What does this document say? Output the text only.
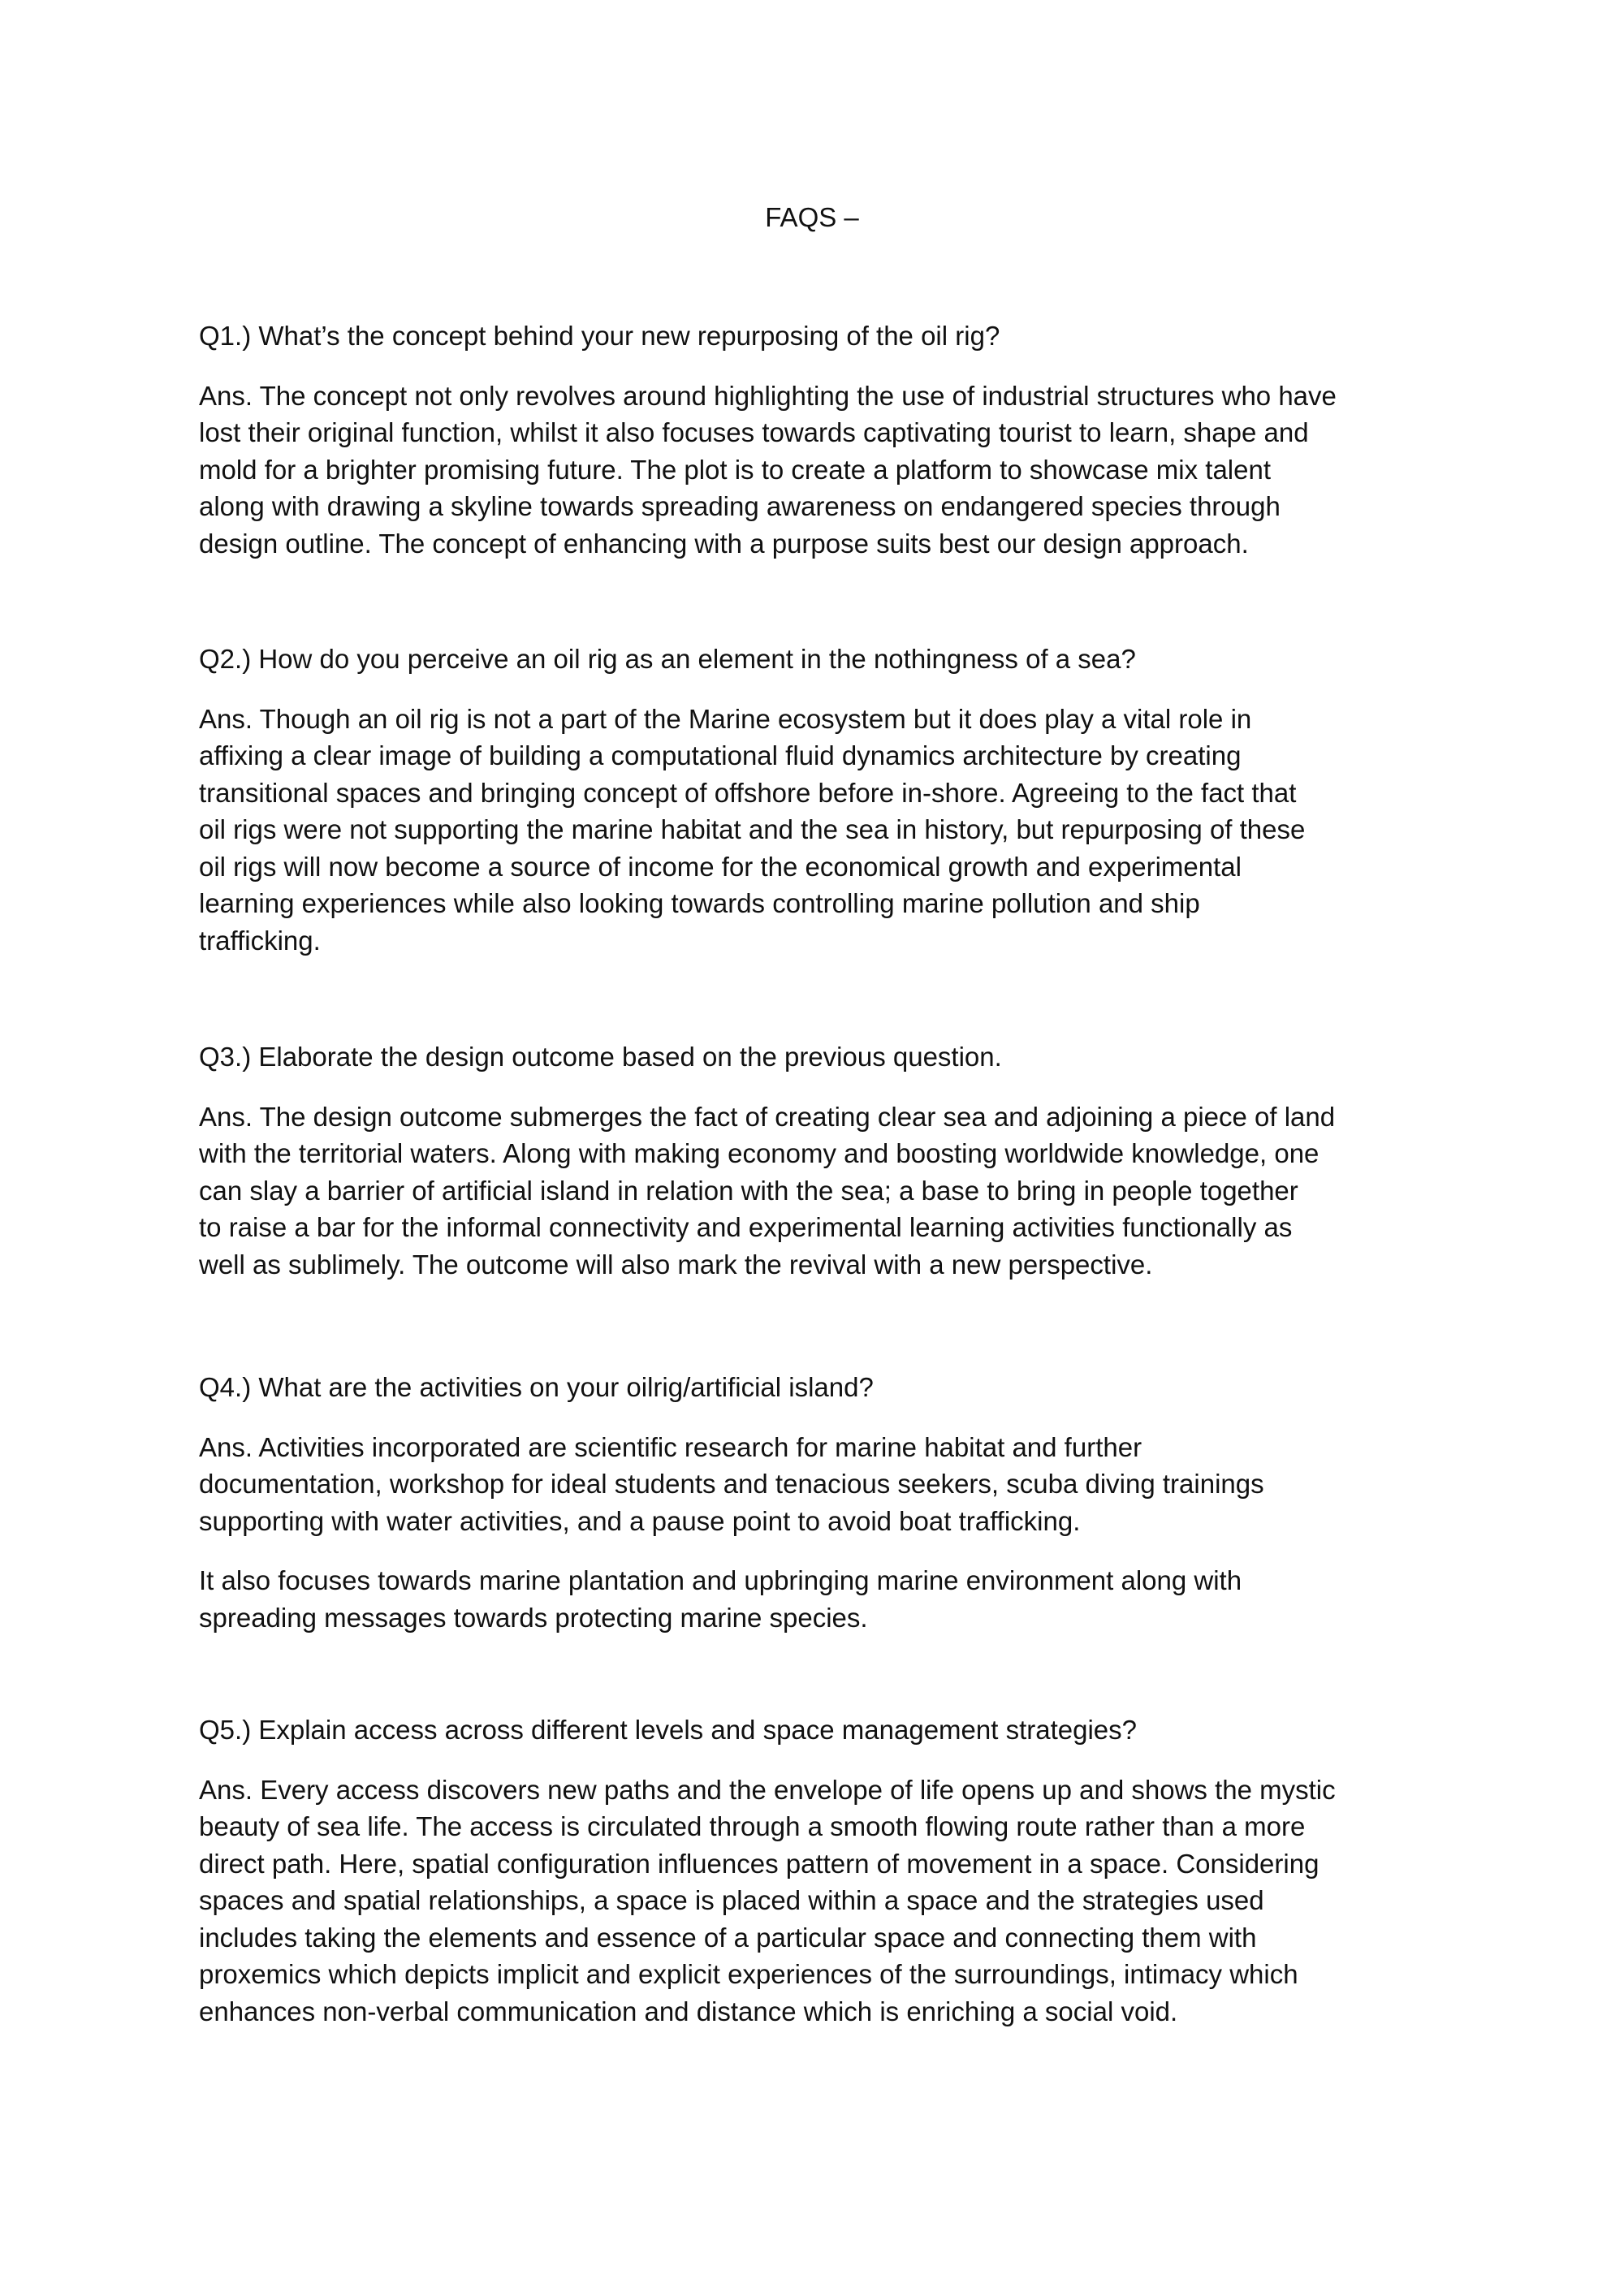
FAQS –
Q1.) What’s the concept behind your new repurposing of the oil rig?
Ans. The concept not only revolves around highlighting the use of industrial structures who have
lost their original function, whilst it also focuses towards captivating tourist to learn, shape and
mold for a brighter promising future. The plot is to create a platform to showcase mix talent
along with drawing a skyline towards spreading awareness on endangered species through
design outline. The concept of enhancing with a purpose suits best our design approach.
Q2.) How do you perceive an oil rig as an element in the nothingness of a sea?
Ans. Though an oil rig is not a part of the Marine ecosystem but it does play a vital role in
affixing a clear image of building a computational fluid dynamics architecture by creating
transitional spaces and bringing concept of offshore before in-shore. Agreeing to the fact that
oil rigs were not supporting the marine habitat and the sea in history, but repurposing of these
oil rigs will now become a source of income for the economical growth and experimental
learning experiences while also looking towards controlling marine pollution and ship
trafficking.
Q3.) Elaborate the design outcome based on the previous question.
Ans. The design outcome submerges the fact of creating clear sea and adjoining a piece of land
with the territorial waters. Along with making economy and boosting worldwide knowledge, one
can slay a barrier of artificial island in relation with the sea; a base to bring in people together
to raise a bar for the informal connectivity and experimental learning activities functionally as
well as sublimely. The outcome will also mark the revival with a new perspective.
Q4.) What are the activities on your oilrig/artificial island?
Ans. Activities incorporated are scientific research for marine habitat and further
documentation, workshop for ideal students and tenacious seekers, scuba diving trainings
supporting with water activities, and a pause point to avoid boat trafficking.
It also focuses towards marine plantation and upbringing marine environment along with
spreading messages towards protecting marine species.
Q5.) Explain access across different levels and space management strategies?
Ans. Every access discovers new paths and the envelope of life opens up and shows the mystic
beauty of sea life. The access is circulated through a smooth flowing route rather than a more
direct path. Here, spatial configuration influences pattern of movement in a space. Considering
spaces and spatial relationships, a space is placed within a space and the strategies used
includes taking the elements and essence of a particular space and connecting them with
proxemics which depicts implicit and explicit experiences of the surroundings, intimacy which
enhances non-verbal communication and distance which is enriching a social void.
